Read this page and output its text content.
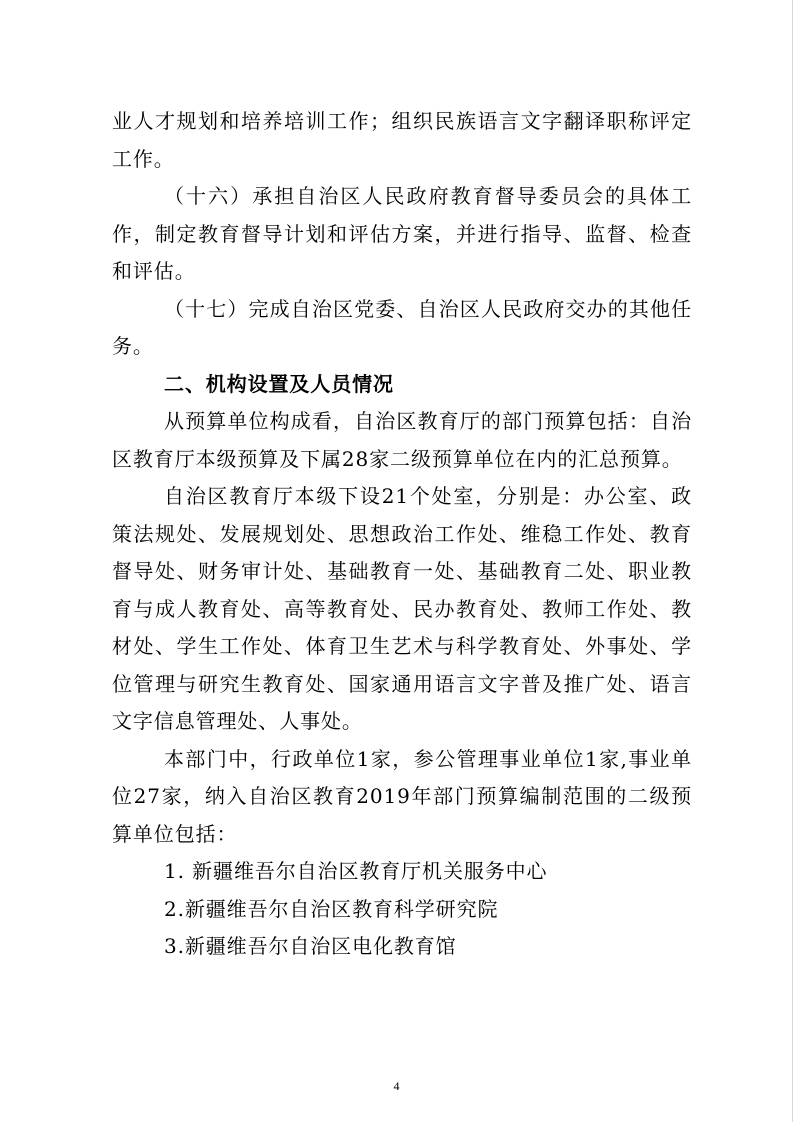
业人才规划和培养培训工作；组织民族语言文字翻译职称评定工作。

（十六）承担自治区人民政府教育督导委员会的具体工作，制定教育督导计划和评估方案，并进行指导、监督、检查和评估。

（十七）完成自治区党委、自治区人民政府交办的其他任务。

二、机构设置及人员情况

从预算单位构成看，自治区教育厅的部门预算包括：自治区教育厅本级预算及下属28家二级预算单位在内的汇总预算。

自治区教育厅本级下设21个处室，分别是：办公室、政策法规处、发展规划处、思想政治工作处、维稳工作处、教育督导处、财务审计处、基础教育一处、基础教育二处、职业教育与成人教育处、高等教育处、民办教育处、教师工作处、教材处、学生工作处、体育卫生艺术与科学教育处、外事处、学位管理与研究生教育处、国家通用语言文字普及推广处、语言文字信息管理处、人事处。

本部门中，行政单位1家，参公管理事业单位1家,事业单位27家，纳入自治区教育2019年部门预算编制范围的二级预算单位包括：

1. 新疆维吾尔自治区教育厅机关服务中心

2.新疆维吾尔自治区教育科学研究院

3.新疆维吾尔自治区电化教育馆

4
